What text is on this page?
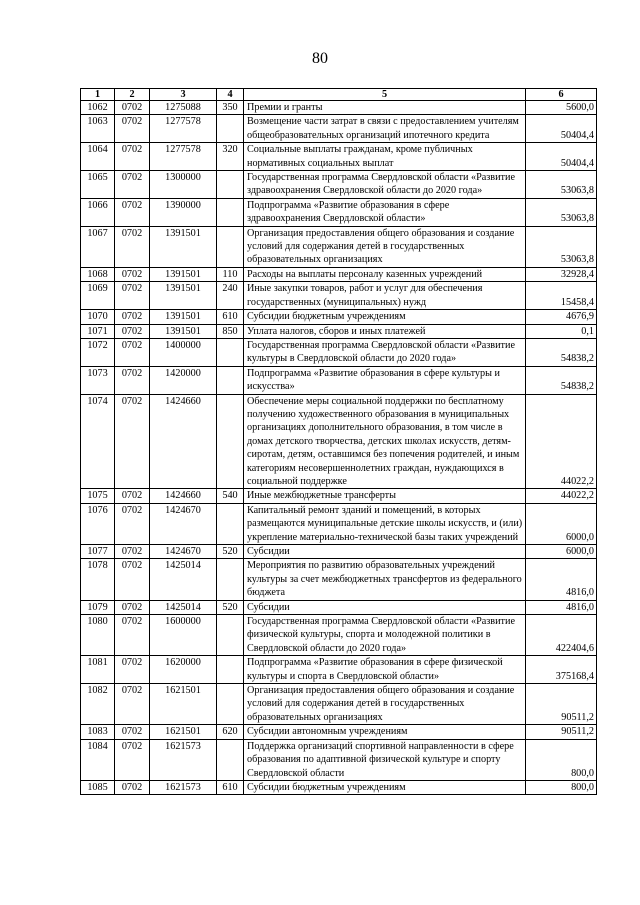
80
1	2	3	4	5	6
1062	0702	1275088	350	Премии и гранты	5600,0
1063	0702	1277578		Возмещение части затрат в связи с предоставлением учителям общеобразовательных организаций ипотечного кредита	50404,4
1064	0702	1277578	320	Социальные выплаты гражданам, кроме публичных нормативных социальных выплат	50404,4
1065	0702	1300000		Государственная программа Свердловской области «Развитие здравоохранения Свердловской области до 2020 года»	53063,8
1066	0702	1390000		Подпрограмма «Развитие образования в сфере здравоохранения Свердловской области»	53063,8
1067	0702	1391501		Организация предоставления общего образования и создание условий для содержания детей в государственных образовательных организациях	53063,8
1068	0702	1391501	110	Расходы на выплаты персоналу казенных учреждений	32928,4
1069	0702	1391501	240	Иные закупки товаров, работ и услуг для обеспечения государственных (муниципальных) нужд	15458,4
1070	0702	1391501	610	Субсидии бюджетным учреждениям	4676,9
1071	0702	1391501	850	Уплата налогов, сборов и иных платежей	0,1
1072	0702	1400000		Государственная программа Свердловской области «Развитие культуры в Свердловской области до 2020 года»	54838,2
1073	0702	1420000		Подпрограмма «Развитие образования в сфере культуры и искусства»	54838,2
1074	0702	1424660		Обеспечение меры социальной поддержки по бесплатному получению художественного образования в муниципальных организациях дополнительного образования, в том числе в домах детского творчества, детских школах искусств, детям-сиротам, детям, оставшимся без попечения родителей, и иным категориям несовершеннолетних граждан, нуждающихся в социальной поддержке	44022,2
1075	0702	1424660	540	Иные межбюджетные трансферты	44022,2
1076	0702	1424670		Капитальный ремонт зданий и помещений, в которых размещаются муниципальные детские школы искусств, и (или) укрепление материально-технической базы таких учреждений	6000,0
1077	0702	1424670	520	Субсидии	6000,0
1078	0702	1425014		Мероприятия по развитию образовательных учреждений культуры за счет межбюджетных трансфертов из федерального бюджета	4816,0
1079	0702	1425014	520	Субсидии	4816,0
1080	0702	1600000		Государственная программа Свердловской области «Развитие физической культуры, спорта и молодежной политики в Свердловской области до 2020 года»	422404,6
1081	0702	1620000		Подпрограмма «Развитие образования в сфере физической культуры и спорта в Свердловской области»	375168,4
1082	0702	1621501		Организация предоставления общего образования и создание условий для содержания детей в государственных образовательных организациях	90511,2
1083	0702	1621501	620	Субсидии автономным учреждениям	90511,2
1084	0702	1621573		Поддержка организаций спортивной направленности в сфере образования по адаптивной физической культуре и спорту Свердловской области	800,0
1085	0702	1621573	610	Субсидии бюджетным учреждениям	800,0
